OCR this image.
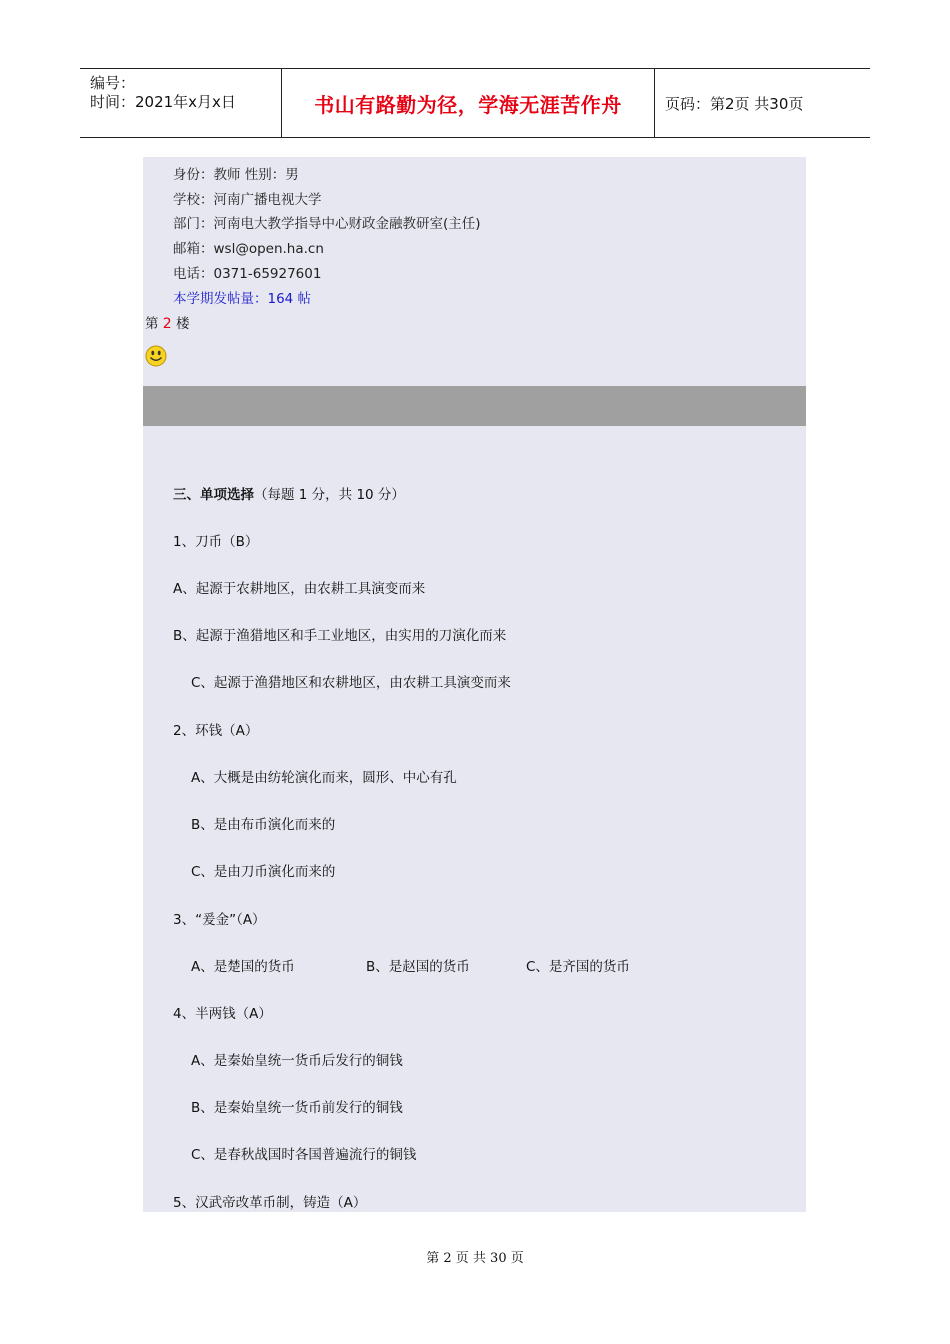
编号：
时间：2021年x月x日	书山有路勤为径，学海无涯苦作舟	页码：第2页 共30页
身份：教师 性别：男
学校：河南广播电视大学
部门：河南电大教学指导中心财政金融教研室(主任)
邮箱：wsl@open.ha.cn
电话：0371-65927601
本学期发帖量：164 帖
第 2 楼
三、单项选择（每题 1 分，共 10 分）
1、刀币（B）
A、起源于农耕地区，由农耕工具演变而来
B、起源于渔猎地区和手工业地区，由实用的刀演化而来
C、起源于渔猎地区和农耕地区，由农耕工具演变而来
2、环钱（A）
A、大概是由纺轮演化而来，圆形、中心有孔
B、是由布币演化而来的
C、是由刀币演化而来的
3、“爰金”（A）
A、是楚国的货币	B、是赵国的货币	C、是齐国的货币
4、半两钱（A）
A、是秦始皇统一货币后发行的铜钱
B、是秦始皇统一货币前发行的铜钱
C、是春秋战国时各国普遍流行的铜钱
5、汉武帝改革币制，铸造（A）
第 2 页 共 30 页
